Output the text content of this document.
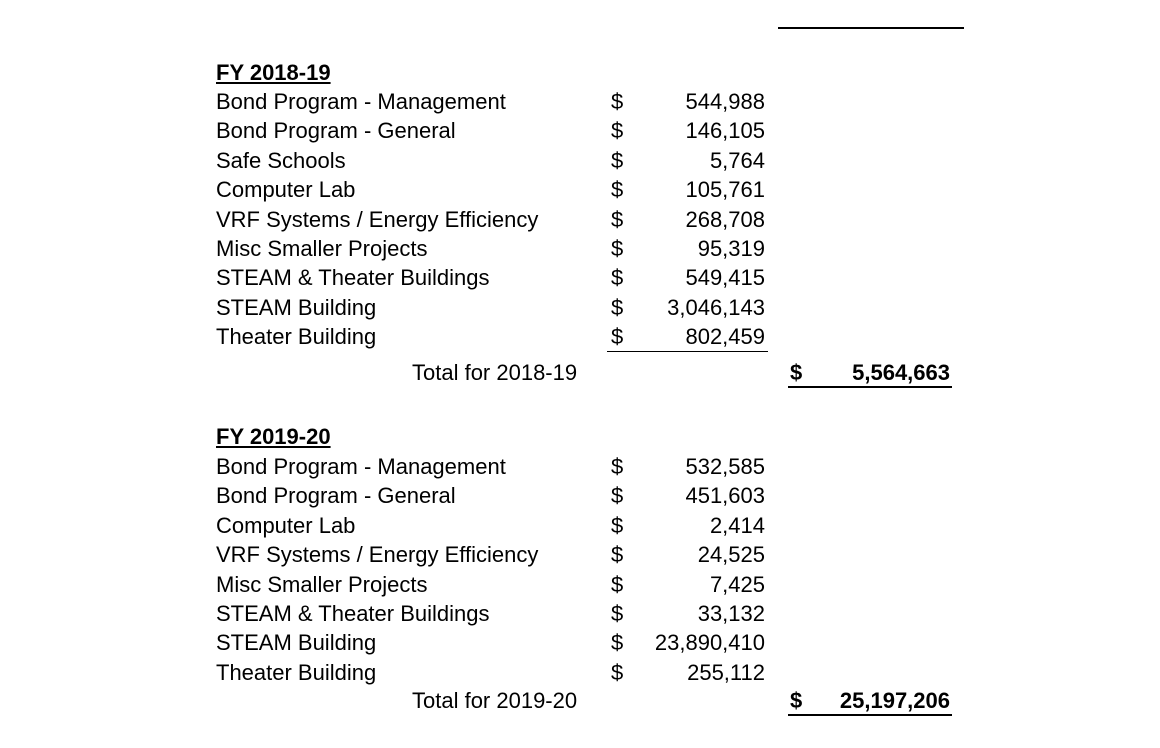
FY 2018-19
Bond Program - Management	$	544,988
Bond Program - General	$	146,105
Safe Schools	$	5,764
Computer Lab	$	105,761
VRF Systems / Energy Efficiency	$	268,708
Misc Smaller Projects	$	95,319
STEAM & Theater Buildings	$	549,415
STEAM Building	$	3,046,143
Theater Building	$	802,459
Total for 2018-19	$	5,564,663
FY 2019-20
Bond Program - Management	$	532,585
Bond Program - General	$	451,603
Computer Lab	$	2,414
VRF Systems / Energy Efficiency	$	24,525
Misc Smaller Projects	$	7,425
STEAM & Theater Buildings	$	33,132
STEAM Building	$	23,890,410
Theater Building	$	255,112
Total for 2019-20	$	25,197,206
